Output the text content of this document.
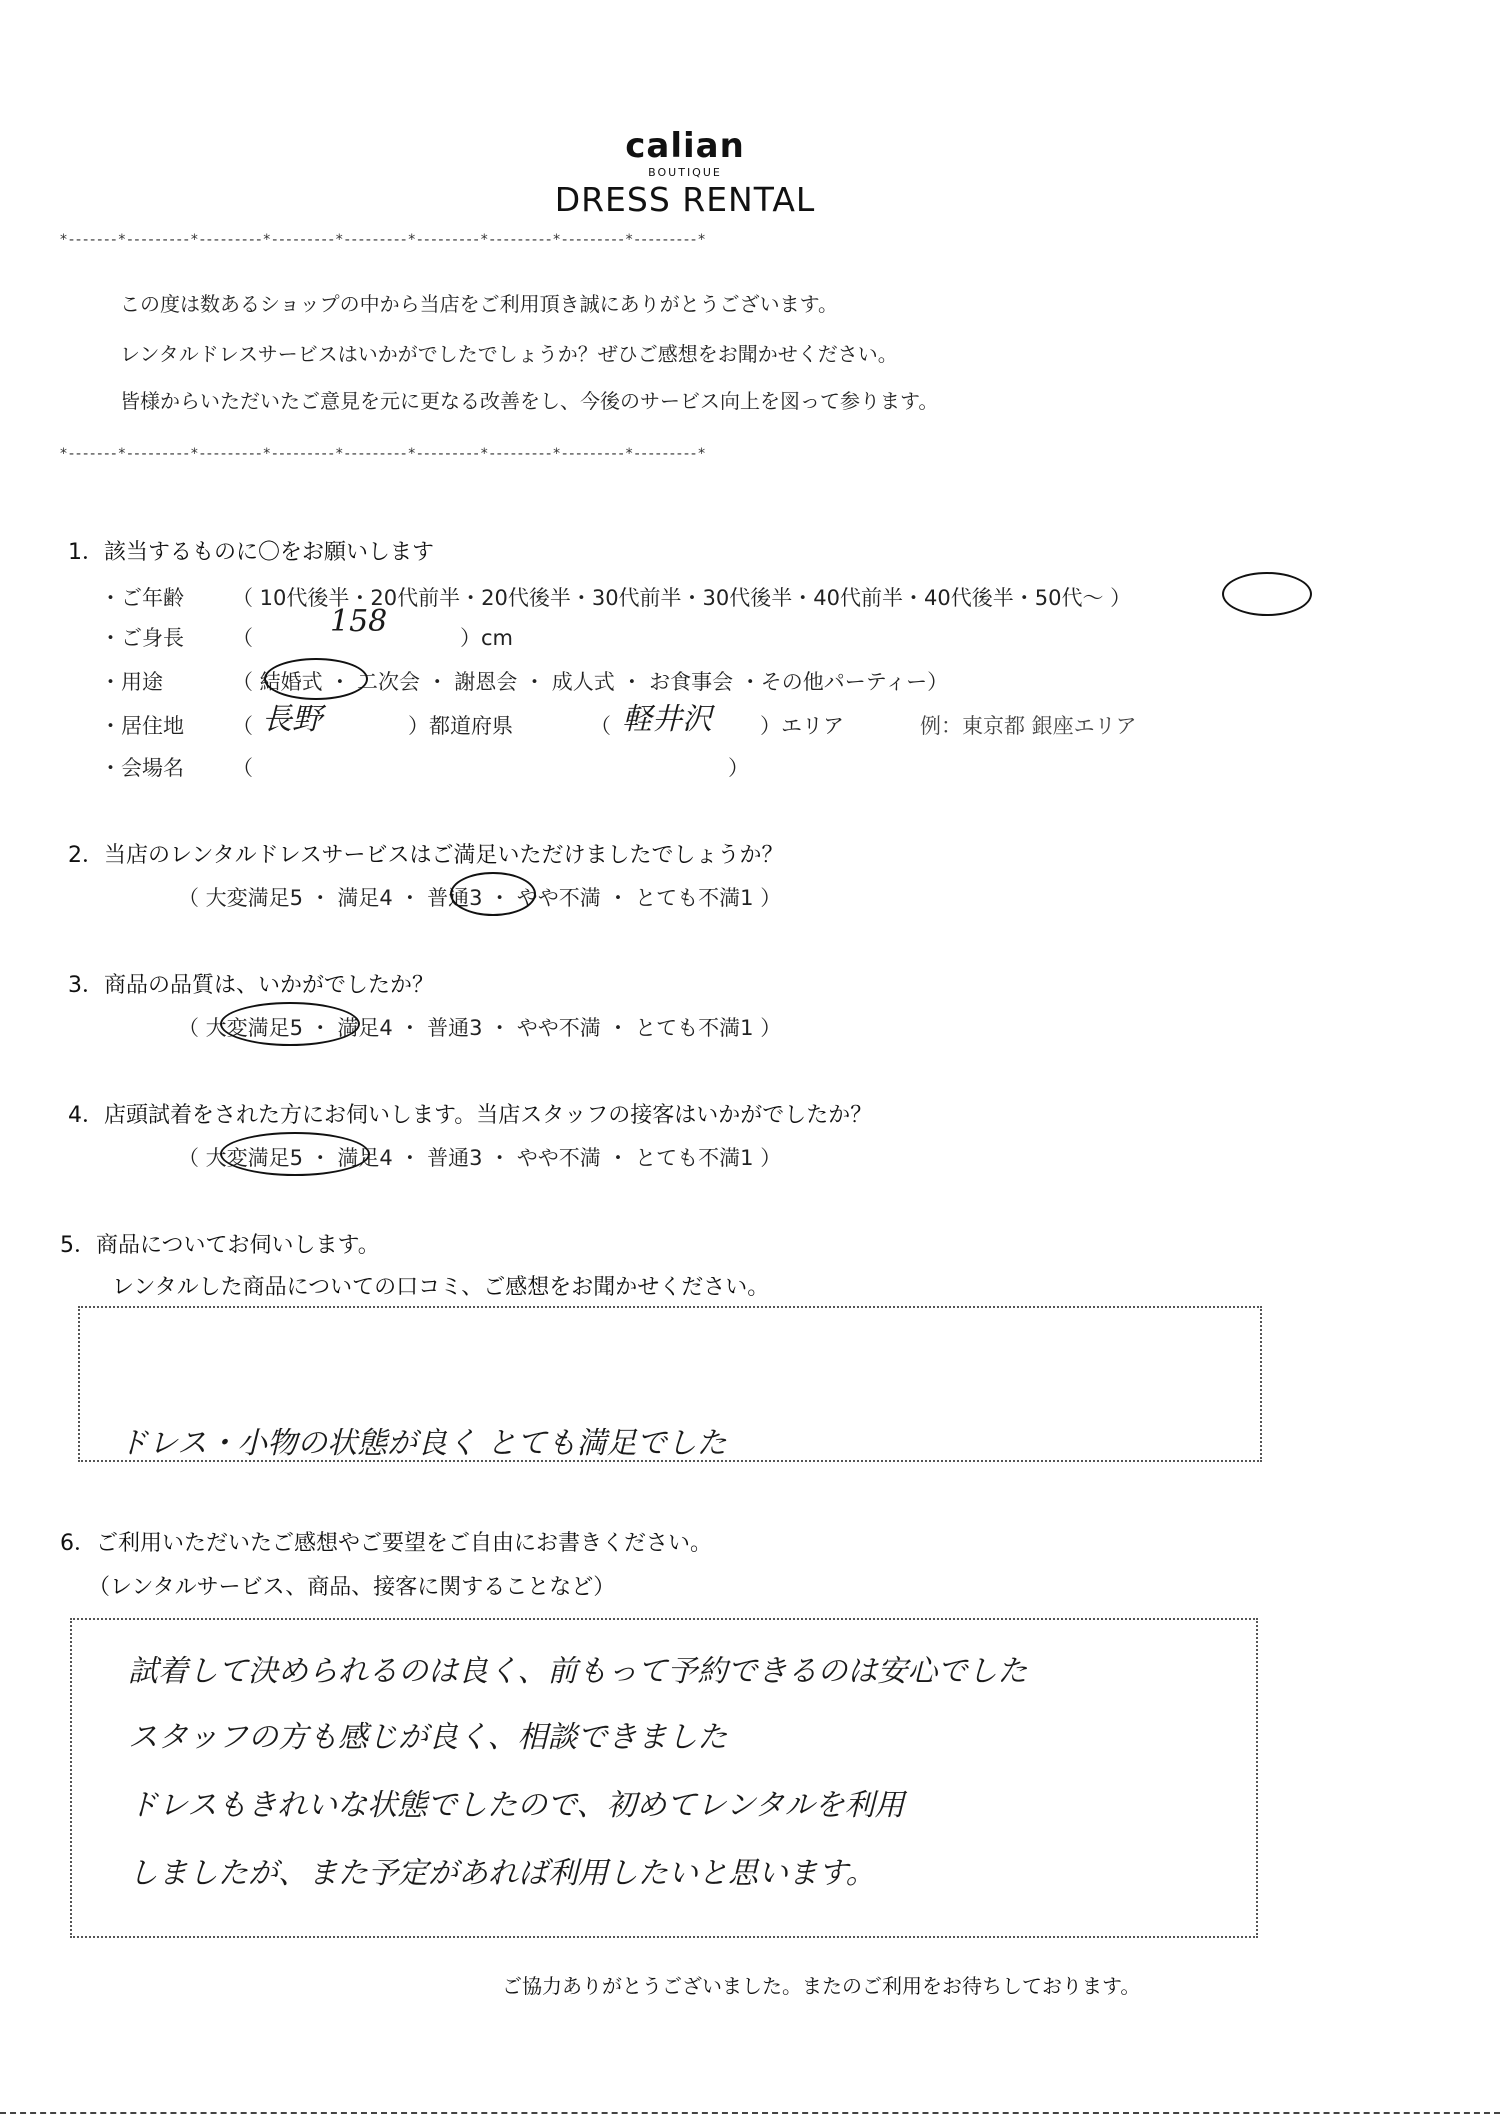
calian
BOUTIQUE
DRESS RENTAL
*-------*---------*---------*---------*---------*---------*---------*---------*---------*
この度は数あるショップの中から当店をご利用頂き誠にありがとうございます。
レンタルドレスサービスはいかがでしたでしょうか？ぜひご感想をお聞かせください。
皆様からいただいたご意見を元に更なる改善をし、今後のサービス向上を図って参ります。
*-------*---------*---------*---------*---------*---------*---------*---------*---------*
1．該当するものに〇をお願いします
・ご年齢 （ 10代後半・20代前半・20代後半・30代前半・30代後半・40代前半・40代後半・50代～ ）
・ご身長 （	158	）cm
・用途	（ 結婚式 ・ 二次会 ・ 謝恩会 ・ 成人式 ・ お食事会 ・その他パーティー）
・居住地 （ 長野	）都道府県	（ 軽井沢 ）エリア	例：東京都 銀座エリア
・会場名 （	）
2．当店のレンタルドレスサービスはご満足いただけましたでしょうか？
（ 大変満足5 ・ 満足4 ・ 普通3 ・ やや不満 ・ とても不満1 ）
3．商品の品質は、いかがでしたか？
（ 大変満足5 ・ 満足4 ・ 普通3 ・ やや不満 ・ とても不満1 ）
4．店頭試着をされた方にお伺いします。当店スタッフの接客はいかがでしたか？
（ 大変満足5 ・ 満足4 ・ 普通3 ・ やや不満 ・ とても不満1 ）
5．商品についてお伺いします。
レンタルした商品についての口コミ、ご感想をお聞かせください。
ドレス・小物の状態が良く とても満足でした
6．ご利用いただいたご感想やご要望をご自由にお書きください。
（レンタルサービス、商品、接客に関することなど）
試着して決められるのは良く、前もって予約できるのは安心でした
スタッフの方も感じが良く、相談できました
ドレスもきれいな状態でしたので、初めてレンタルを利用
しましたが、また予定があれば利用したいと思います。
ご協力ありがとうございました。またのご利用をお待ちしております。
